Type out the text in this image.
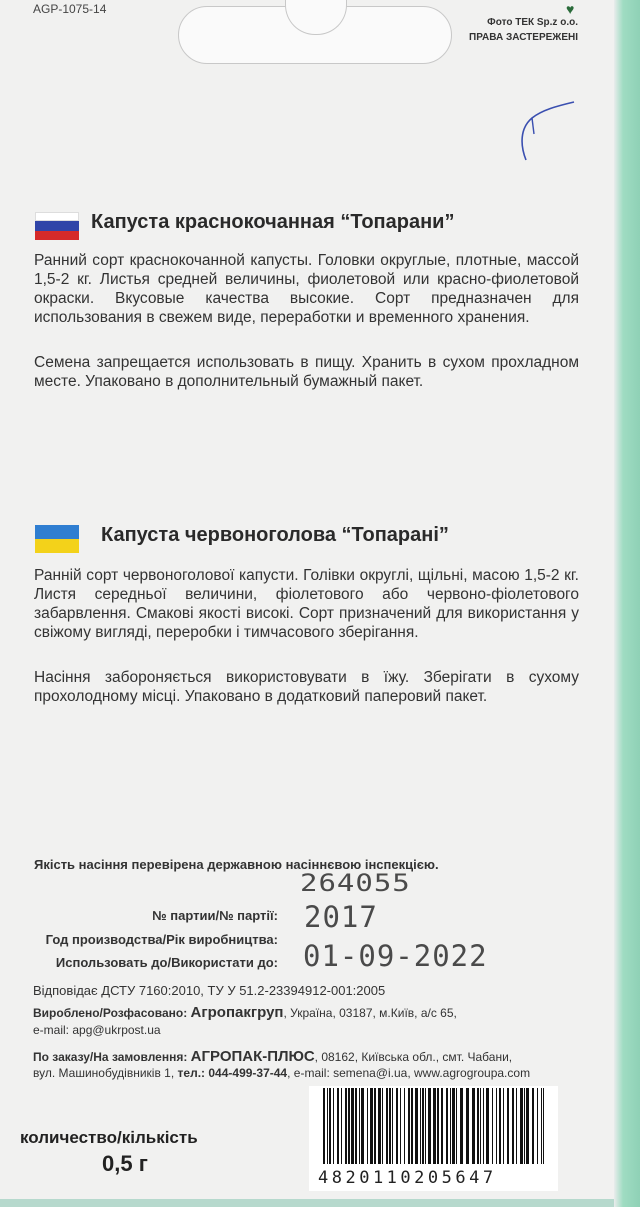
AGP-1075-14	♥
Фото ТЕК Sp.z o.o.
ПРАВА ЗАСТЕРЕЖЕНІ
Капуста краснокочанная “Топарани”
Ранний сорт краснокочанной капусты. Головки округлые, плотные, массой 1,5-2 кг. Листья средней величины, фиолетовой или красно-фиолетовой окраски. Вкусовые качества высокие. Сорт предназначен для использования в свежем виде, переработки и временного хранения.
Семена запрещается использовать в пищу. Хранить в сухом прохладном месте. Упаковано в дополнительный бумажный пакет.
Капуста червоноголова “Топарані”
Ранній сорт червоноголової капусти. Голівки округлі, щільні, масою 1,5-2 кг. Листя середньої величини, фіолетового або червоно-фіолетового забарвлення. Смакові якості високі. Сорт призначений для використання у свіжому вигляді, переробки і тимчасового зберігання.
Насіння забороняється використовувати в їжу. Зберігати в сухому прохолодному місці. Упаковано в додатковий паперовий пакет.
Якість насіння перевірена державною насіннєвою інспекцією.
264055
№ партии/№ партії: 2017
Год производства/Рік виробництва: 01-09-2022
Использовать до/Використати до:
Відповідає ДСТУ 7160:2010, ТУ У 51.2-23394912-001:2005
Вироблено/Розфасовано: Агропакгруп, Україна, 03187, м.Київ, а/с 65,
e-mail: apg@ukrpost.ua
По заказу/На замовлення: АГРОПАК-ПЛЮС, 08162, Київська обл., смт. Чабани,
вул. Машинобудівників 1, тел.: 044-499-37-44, e-mail: semena@i.ua, www.agrogroupa.com
количество/кількість
0,5 г
4820110205647
